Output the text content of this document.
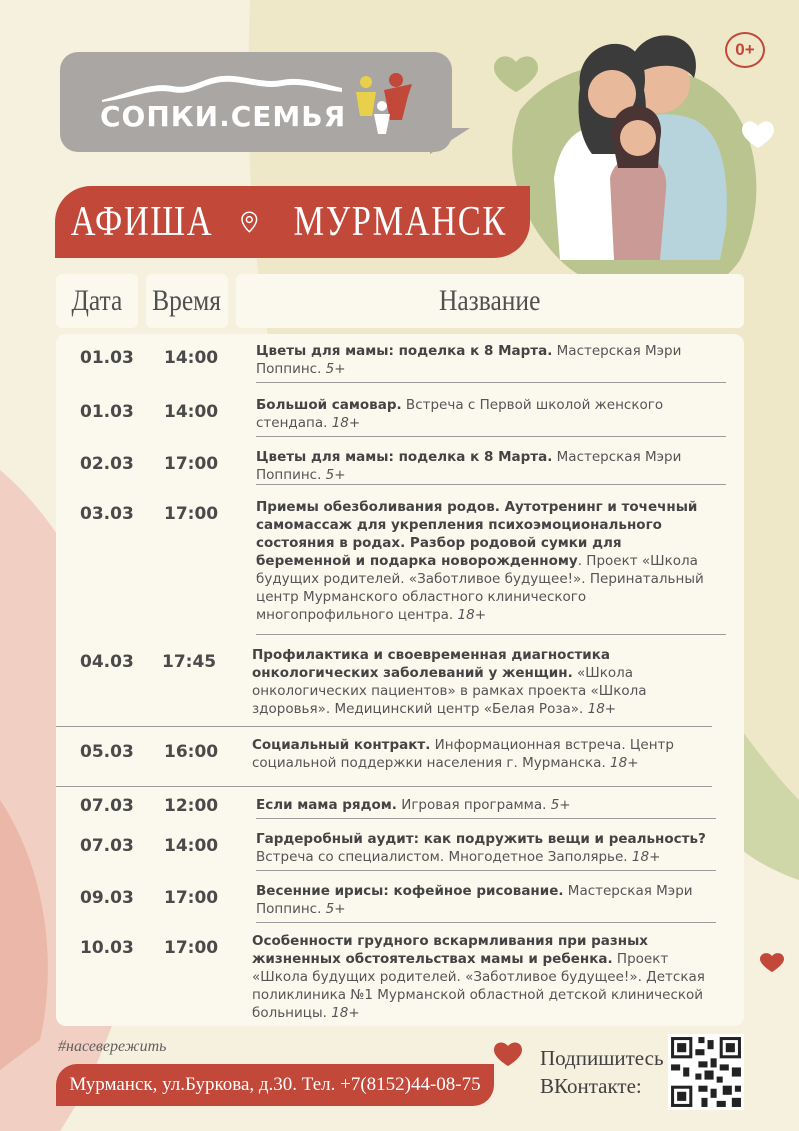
СОПКИ.СЕМЬЯ
0+
АФИША МУРМАНСК
Дата Время	Название
01.03 14:00	Цветы для мамы: поделка к 8 Марта. Мастерская Мэри Поппинс. 5+
01.03 14:00	Большой самовар. Встреча с Первой школой женского стендапа. 18+
02.03 17:00	Цветы для мамы: поделка к 8 Марта. Мастерская Мэри Поппинс. 5+
03.03 17:00	Приемы обезболивания родов. Аутотренинг и точечный самомассаж для укрепления психоэмоционального состояния в родах. Разбор родовой сумки для беременной и подарка новорожденному. Проект «Школа будущих родителей. «Заботливое будущее!». Перинатальный центр Мурманского областного клинического многопрофильного центра. 18+
04.03 17:45	Профилактика и своевременная диагностика онкологических заболеваний у женщин. «Школа онкологических пациентов» в рамках проекта «Школа здоровья». Медицинский центр «Белая Роза». 18+
05.03 16:00	Социальный контракт. Информационная встреча. Центр социальной поддержки населения г. Мурманска. 18+
07.03 12:00	Если мама рядом. Игровая программа. 5+
07.03 14:00	Гардеробный аудит: как подружить вещи и реальность? Встреча со специалистом. Многодетное Заполярье. 18+
09.03 17:00	Весенние ирисы: кофейное рисование. Мастерская Мэри Поппинс. 5+
10.03 17:00	Особенности грудного вскармливания при разных жизненных обстоятельствах мамы и ребенка. Проект «Школа будущих родителей. «Заботливое будущее!». Детская поликлиника №1 Мурманской областной детской клинической больницы. 18+
#насевережить
Мурманск, ул.Буркова, д.30. Тел. +7(8152)44-08-75
Подпишитесь
ВКонтакте:
